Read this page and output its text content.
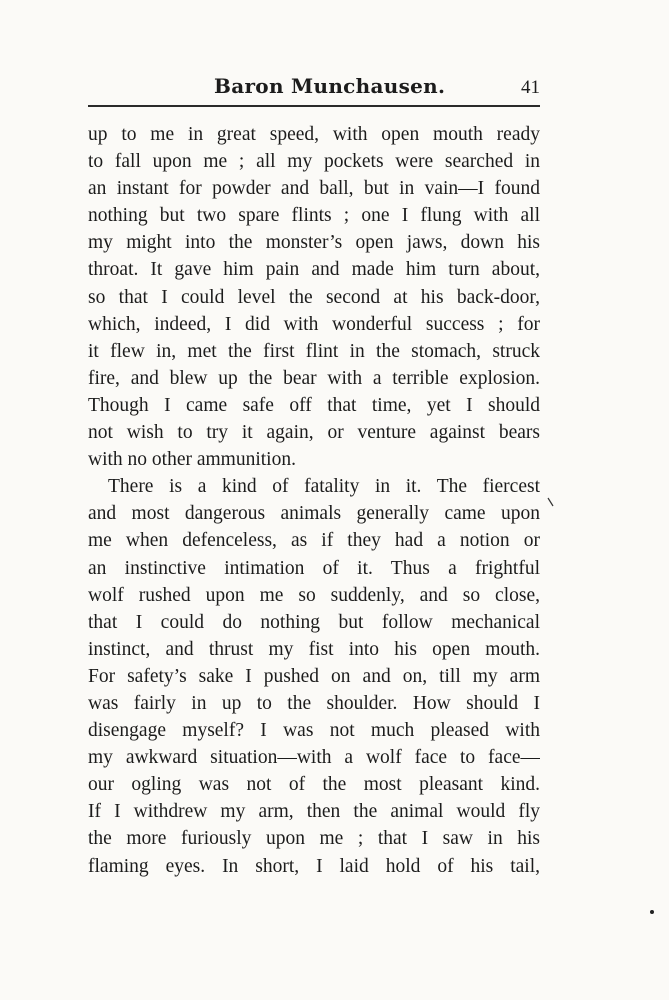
Baron Munchausen.	41

up to me in great speed, with open mouth ready
to fall upon me ; all my pockets were searched in
an instant for powder and ball, but in vain—I found
nothing but two spare flints ; one I flung with all
my might into the monster’s open jaws, down his
throat. It gave him pain and made him turn about,
so that I could level the second at his back-door,
which, indeed, I did with wonderful success ; for
it flew in, met the first flint in the stomach, struck
fire, and blew up the bear with a terrible explosion.
Though I came safe off that time, yet I should
not wish to try it again, or venture against bears
with no other ammunition.

There is a kind of fatality in it. The fiercest
and most dangerous animals generally came upon
me when defenceless, as if they had a notion or
an instinctive intimation of it. Thus a frightful
wolf rushed upon me so suddenly, and so close,
that I could do nothing but follow mechanical
instinct, and thrust my fist into his open mouth.
For safety’s sake I pushed on and on, till my arm
was fairly in up to the shoulder. How should I
disengage myself? I was not much pleased with
my awkward situation—with a wolf face to face—
our ogling was not of the most pleasant kind.
If I withdrew my arm, then the animal would fly
the more furiously upon me ; that I saw in his
flaming eyes. In short, I laid hold of his tail,
